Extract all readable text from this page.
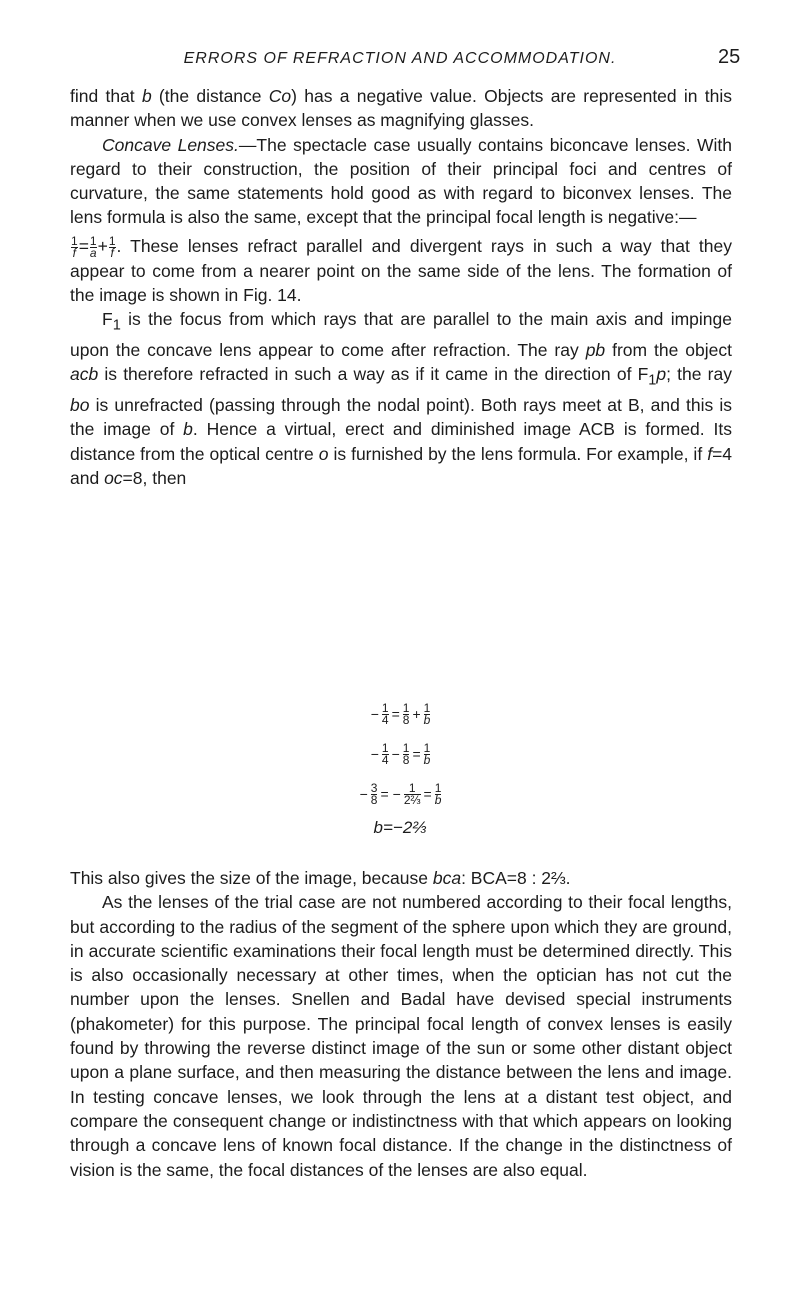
ERRORS OF REFRACTION AND ACCOMMODATION.	25

find that b (the distance Co) has a negative value. Objects are represented in this manner when we use convex lenses as magnifying glasses.

Concave Lenses.—The spectacle case usually contains biconcave lenses. With regard to their construction, the position of their principal foci and centres of curvature, the same statements hold good as with regard to biconvex lenses. The lens formula is also the same, except that the principal focal length is negative:—

$\frac{1}{f} = \frac{1}{a} + \frac{1}{f}$ . These lenses refract parallel and divergent rays in such a way that they appear to come from a nearer point on the same side of the lens. The formation of the image is shown in Fig. 14.

$F_1$ is the focus from which rays that are parallel to the main axis and impinge upon the concave lens appear to come after refraction. The ray pb from the object acb is therefore refracted in such a way as if it came in the direction of $F_1p$; the ray bo is unrefracted (passing through the nodal point). Both rays meet at B, and this is the image of b. Hence a virtual, erect and diminished image ACB is formed. Its distance from the optical centre o is furnished by the lens formula. For example, if f=4 and oc=8, then

− $\frac{1}{4} = \frac{1}{8} + \frac{1}{b}$
− $\frac{1}{4} - \frac{1}{8} = \frac{1}{b}$
− $\frac{3}{8}$ = − $\frac{1}{\text{2⅔}} = \frac{1}{b}$
b=−2⅔

This also gives the size of the image, because bca: BCA=8 : 2⅔.

As the lenses of the trial case are not numbered according to their focal lengths, but according to the radius of the segment of the sphere upon which they are ground, in accurate scientific examinations their focal length must be determined directly. This is also occasionally necessary at other times, when the optician has not cut the number upon the lenses. Snellen and Badal have devised special instruments (phakometer) for this purpose. The principal focal length of convex lenses is easily found by throwing the reverse distinct image of the sun or some other distant object upon a plane surface, and then measuring the distance between the lens and image. In testing concave lenses, we look through the lens at a distant test object, and compare the consequent change or indistinctness with that which appears on looking through a concave lens of known focal distance. If the change in the distinctness of vision is the same, the focal distances of the lenses are also equal.
